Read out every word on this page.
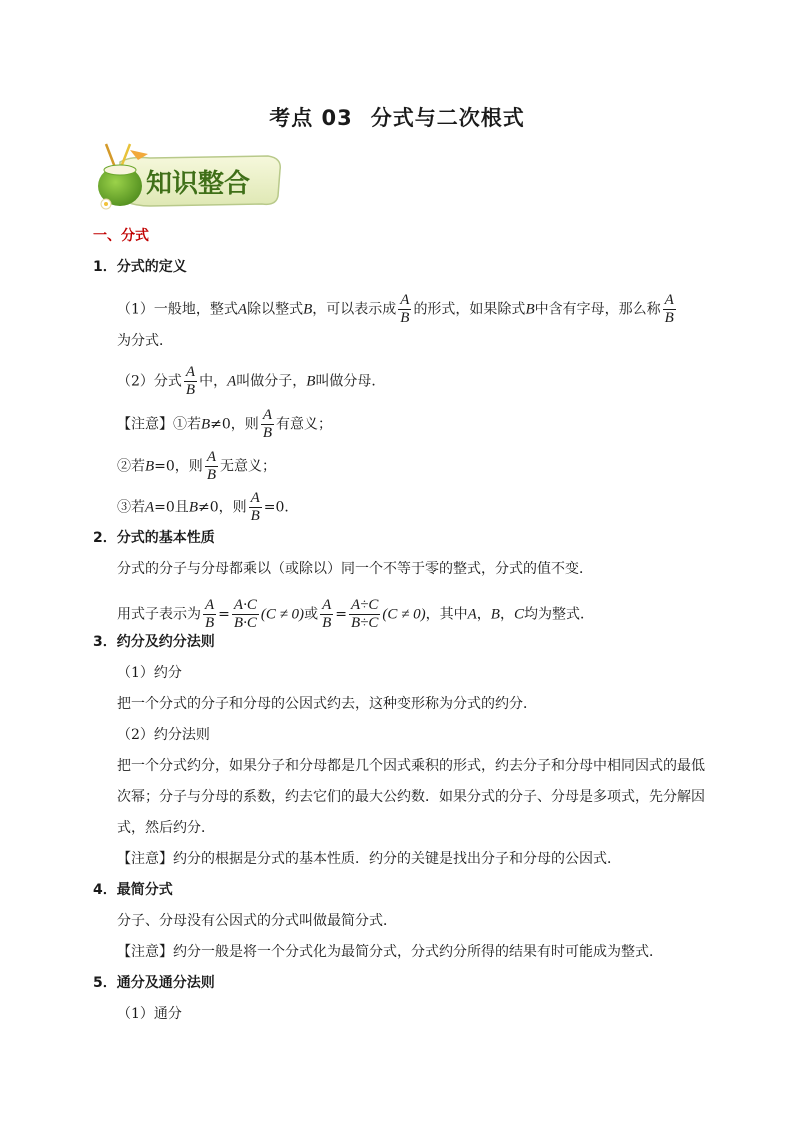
考点 03 分式与二次根式
知识整合
一、分式
1．分式的定义
（1）一般地，整式A除以整式B，可以表示成 $\frac{A}{B}$ 的形式，如果除式B中含有字母，那么称 $\frac{A}{B}$
为分式．
（2）分式 $\frac{A}{B}$ 中，A叫做分子，B叫做分母．
【注意】①若B≠0，则 $\frac{A}{B}$ 有意义；
②若B=0，则 $\frac{A}{B}$ 无意义；
③若A=0且B≠0，则 $\frac{A}{B} =0$．
2．分式的基本性质
分式的分子与分母都乘以（或除以）同一个不等于零的整式，分式的值不变．
用式子表示为 $\frac{A}{B} = \frac{A\cdot C}{B\cdot C} (C \ne 0)$或 $\frac{A}{B} = \frac{A\div C}{B\div C} (C \ne 0)$，其中A，B，C均为整式．
3．约分及约分法则
（1）约分
把一个分式的分子和分母的公因式约去，这种变形称为分式的约分．
（2）约分法则
把一个分式约分，如果分子和分母都是几个因式乘积的形式，约去分子和分母中相同因式的最低
次幂；分子与分母的系数，约去它们的最大公约数．如果分式的分子、分母是多项式，先分解因
式，然后约分．
【注意】约分的根据是分式的基本性质．约分的关键是找出分子和分母的公因式．
4．最简分式
分子、分母没有公因式的分式叫做最简分式．
【注意】约分一般是将一个分式化为最简分式，分式约分所得的结果有时可能成为整式．
5．通分及通分法则
（1）通分
